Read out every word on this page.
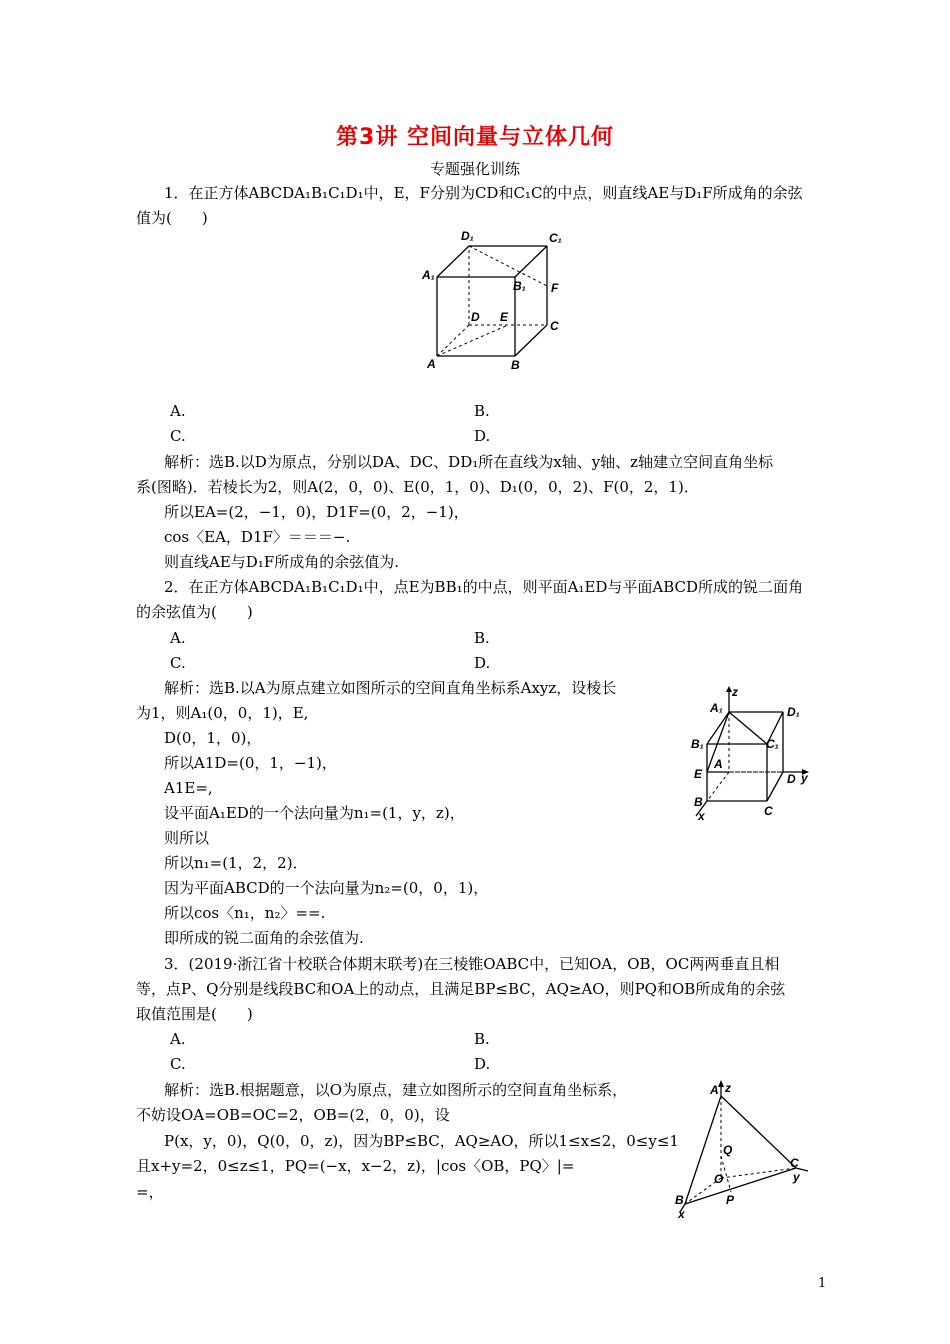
第3讲 空间向量与立体几何
专题强化训练
1．在正方体ABCDA₁B₁C₁D₁中，E，F分别为CD和C₁C的中点，则直线AE与D₁F所成角的余弦
值为(　　)
D₁	C₁
A₁
B₁ F
D E
C
A	B
A.	B.
C.	D.
解析：选B.以D为原点，分别以DA、DC、DD₁所在直线为x轴、y轴、z轴建立空间直角坐标
系(图略)．若棱长为2，则A(2，0，0)、E(0，1，0)、D₁(0，0，2)、F(0，2，1)．
所以EA=(2，−1，0)，D1F=(0，2，−1)，
cos〈EA，D1F〉＝＝＝−.
则直线AE与D₁F所成角的余弦值为.
2．在正方体ABCDA₁B₁C₁D₁中，点E为BB₁的中点，则平面A₁ED与平面ABCD所成的锐二面角
的余弦值为(　　)
A.	B.
C.	D.
解析：选B.以A为原点建立如图所示的空间直角坐标系Axyz，设棱长
为1，则A₁(0，0，1)，E,
D(0，1，0)，
所以A1D=(0，1，−1)，
A1E=,
设平面A₁ED的一个法向量为n₁=(1，y，z)，
则所以
所以n₁=(1，2，2)．
因为平面ABCD的一个法向量为n₂=(0，0，1)，
所以cos〈n₁，n₂〉==.
即所成的锐二面角的余弦值为.
z
A₁	D₁
B₁	C₁
A
E	D y
B
C
x
3．(2019·浙江省十校联合体期末联考)在三棱锥OABC中，已知OA，OB，OC两两垂直且相
等，点P、Q分别是线段BC和OA上的动点，且满足BP≤BC，AQ≥AO，则PQ和OB所成角的余弦
取值范围是(　　)
A.	B.
C.	D.
解析：选B.根据题意，以O为原点，建立如图所示的空间直角坐标系，
不妨设OA=OB=OC=2，OB=(2，0，0)，设
P(x，y，0)，Q(0，0，z)，因为BP≤BC，AQ≥AO，所以1≤x≤2，0≤y≤1
且x+y=2，0≤z≤1，PQ=(−x，x−2，z)，|cos〈OB，PQ〉|=
=，
A z
Q
C
O	y
P
B
x
1
